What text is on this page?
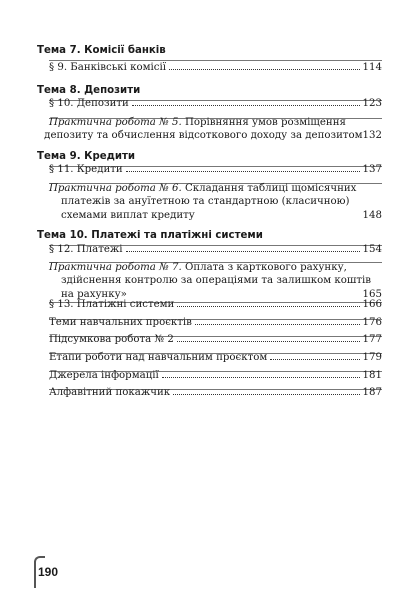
Тема 7. Комісії банків

§ 9. Банківські комісії	114

Тема 8. Депозити

§ 10. Депозити	123
Практична робота № 5. Порівняння умов розміщення
депозиту та обчислення відсоткового доходу за депозитом 132

Тема 9. Кредити

§ 11. Кредити	137
Практична робота № 6. Складання таблиці щомісячних
платежів за ануїтетною та стандартною (класичною)
схемами виплат кредиту	148

Тема 10. Платежі та платіжні системи

§ 12. Платежі	154
Практична робота № 7. Оплата з карткового рахунку,
здійснення контролю за операціями та залишком коштів
на рахунку»	165
§ 13. Платіжні системи	166
Теми навчальних проєктів	176
Підсумкова робота № 2	177
Етапи роботи над навчальним проєктом	179
Джерела інформації	181
Алфавітний покажчик	187
190
